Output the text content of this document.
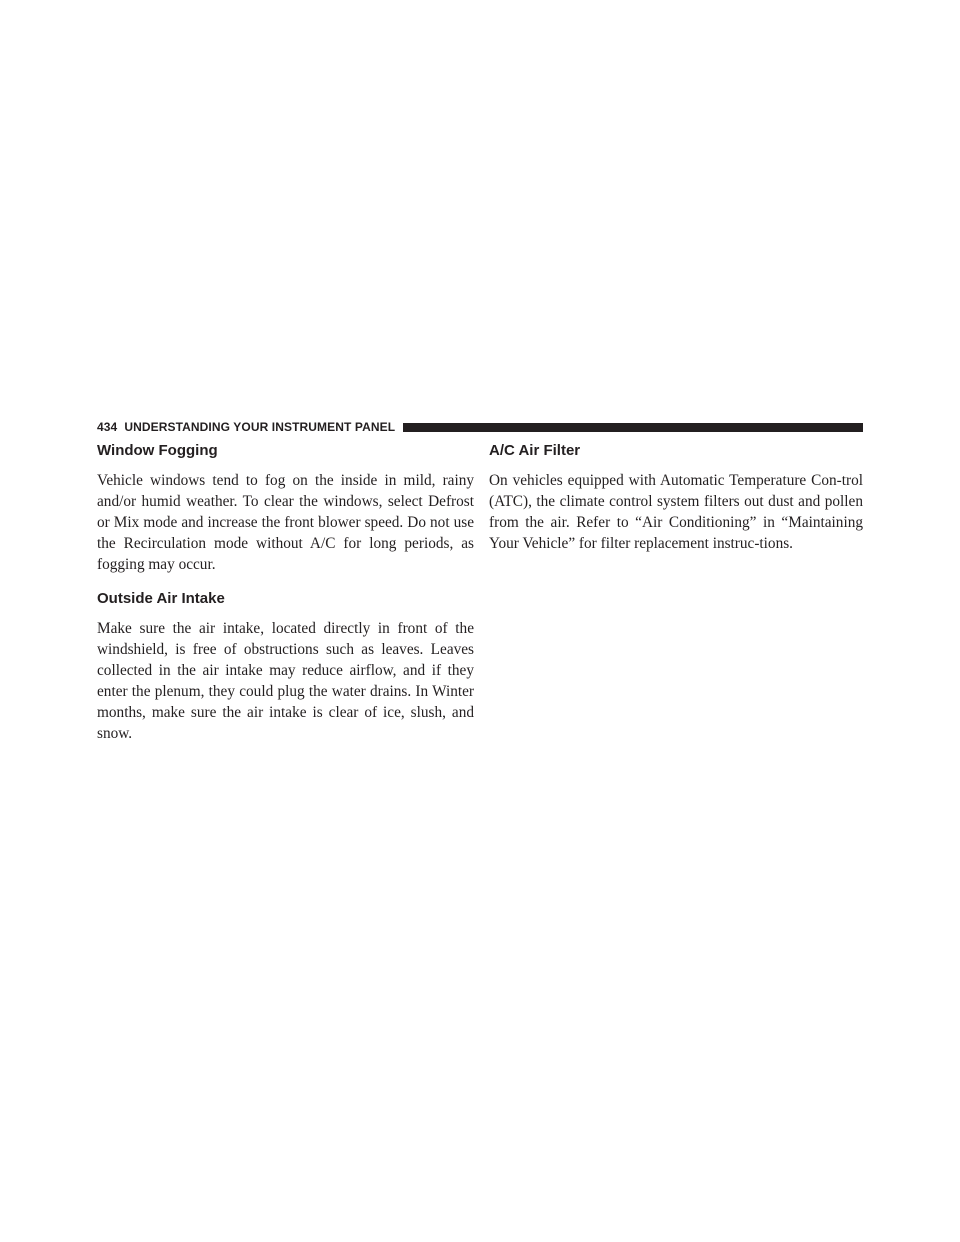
434 UNDERSTANDING YOUR INSTRUMENT PANEL
Window Fogging

Vehicle windows tend to fog on the inside in mild, rainy and/or humid weather. To clear the windows, select Defrost or Mix mode and increase the front blower speed. Do not use the Recirculation mode without A/C for long periods, as fogging may occur.

Outside Air Intake

Make sure the air intake, located directly in front of the windshield, is free of obstructions such as leaves. Leaves collected in the air intake may reduce airflow, and if they enter the plenum, they could plug the water drains. In Winter months, make sure the air intake is clear of ice, slush, and snow.

A/C Air Filter

On vehicles equipped with Automatic Temperature Con-trol (ATC), the climate control system filters out dust and pollen from the air. Refer to “Air Conditioning” in “Maintaining Your Vehicle” for filter replacement instruc-tions.
